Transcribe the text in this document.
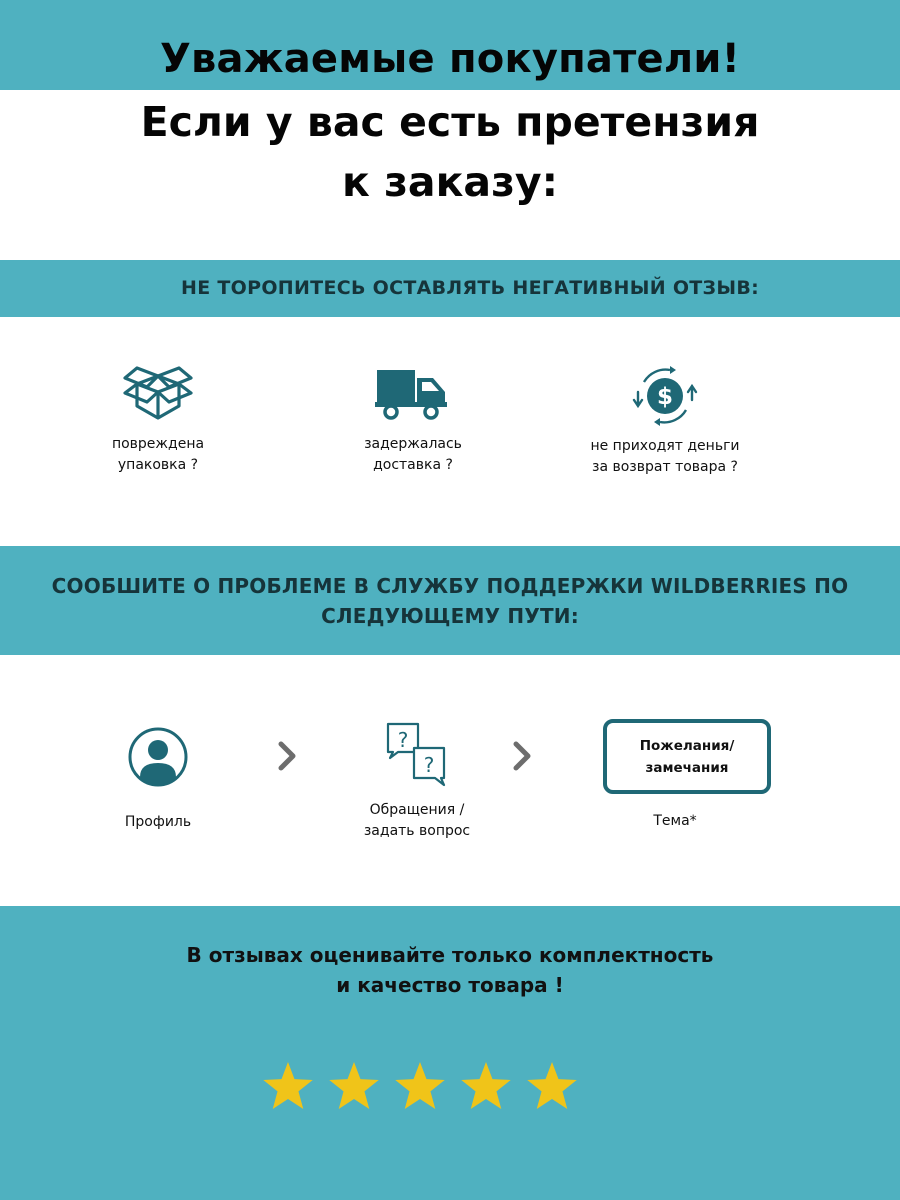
Уважаемые покупатели!
Если у вас есть претензия
к заказу:
НЕ ТОРОПИТЕСЬ ОСТАВЛЯТЬ НЕГАТИВНЫЙ ОТЗЫВ:
повреждена
упаковка ?
задержалась
доставка ?
$
не приходят деньги
за возврат товара ?
СООБШИТЕ О ПРОБЛЕМЕ В СЛУЖБУ ПОДДЕРЖКИ WILDBERRIES ПО
СЛЕДУЮЩЕМУ ПУТИ:
Профиль
?
?
Обращения /
задать вопрос
Пожелания/
замечания
Тема*
В отзывах оценивайте только комплектность
и качество товара !
